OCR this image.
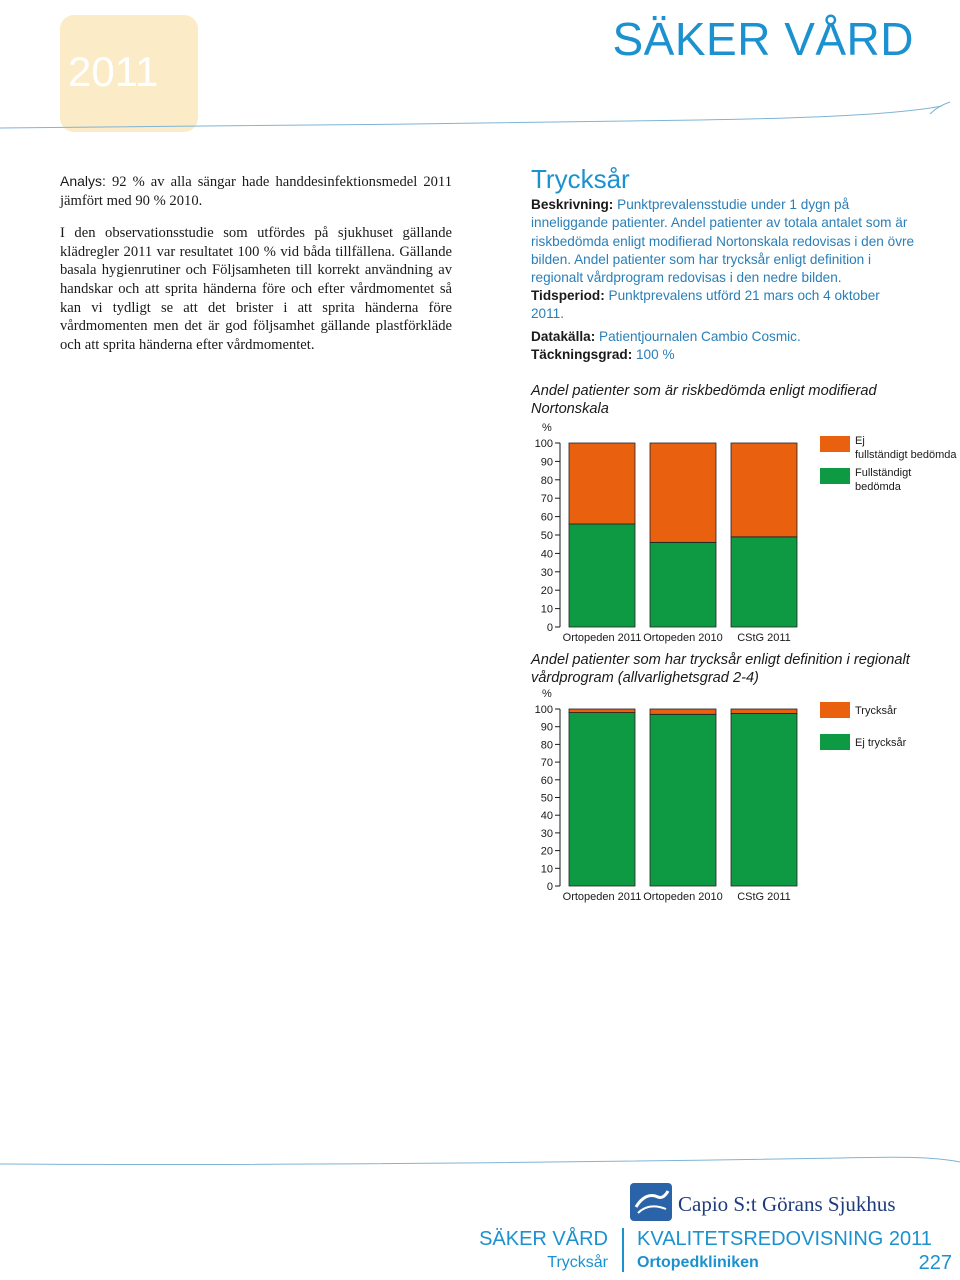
2011
SÄKER VÅRD

Analys: 92 % av alla sängar hade handdesinfektionsmedel 2011 jämfört med 90 % 2010.

I den observationsstudie som utfördes på sjukhuset gällande klädregler 2011 var resultatet 100 % vid båda tillfällena. Gällande basala hygienrutiner och Följsamheten till korrekt användning av handskar och att sprita händerna före och efter vårdmomentet så kan vi tydligt se att det brister i att sprita händerna före vårdmomenten men det är god följsamhet gällande plastförkläde och att sprita händerna efter vårdmomentet.

Trycksår

Beskrivning: Punktprevalensstudie under 1 dygn på inneliggande patienter. Andel patienter av totala antalet som är riskbedömda enligt modifierad Nortonskala redovisas i den övre bilden. Andel patienter som har trycksår enligt definition i regionalt vårdprogram redovisas i den nedre bilden.

Tidsperiod: Punktprevalens utförd 21 mars och 4 oktober 2011.

Datakälla: Patientjournalen Cambio Cosmic.

Täckningsgrad: 100 %

Andel patienter som är riskbedömda enligt modifierad Nortonskala
%
0
10
20
30
40
50
60
70
80
90
100
Ortopeden 2011 Ortopeden 2010 CStG 2011
Ej fullständigt bedömda
Fullständigt bedömda
Andel patienter som har trycksår enligt definition i regionalt vårdprogram (allvarlighetsgrad 2-4)
%
0
10
20
30
40
50
60
70
80
90
100
Ortopeden 2011 Ortopeden 2010 CStG 2011
Trycksår
Ej trycksår
Capio S:t Görans Sjukhus
SÄKER VÅRD
Trycksår
KVALITETSREDOVISNING 2011
Ortopedkliniken	227
